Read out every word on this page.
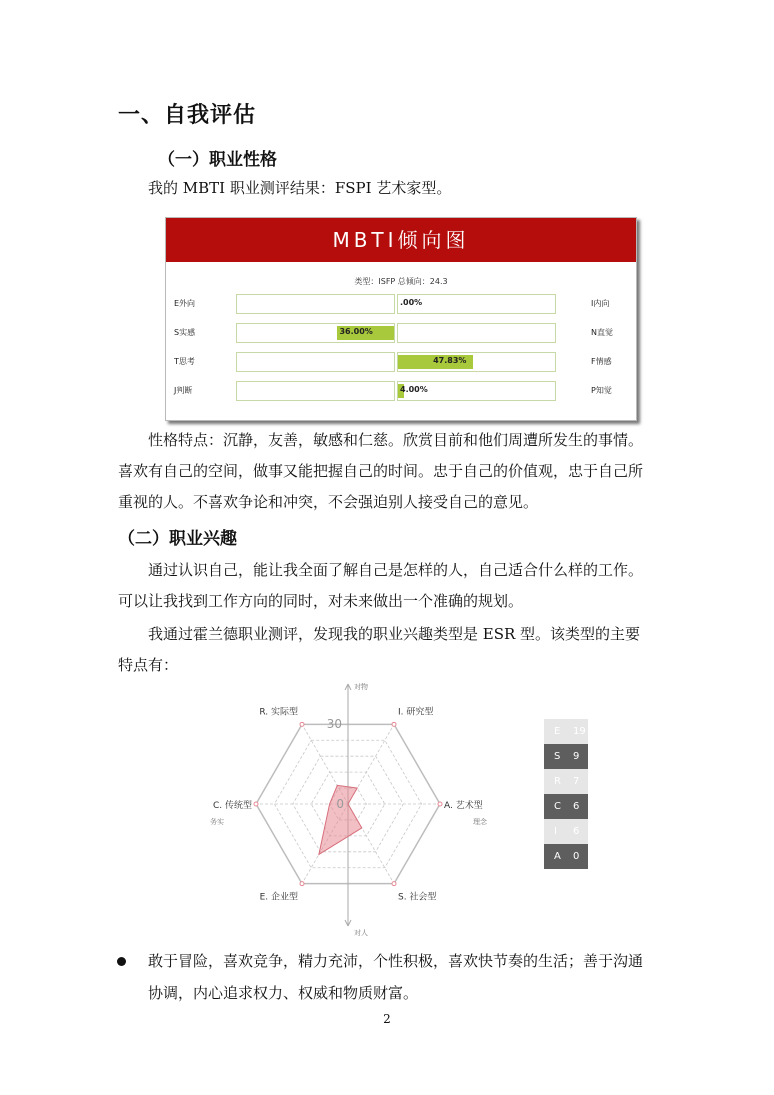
一、自我评估
（一）职业性格
我的 MBTI 职业测评结果：FSPI 艺术家型。
MBTI倾向图
类型：ISFP 总倾向：24.3
E外向	I内向
.00%
S实感	N直觉
36.00%
T思考	F情感
47.83%
J判断	P知觉
4.00%
性格特点：沉静，友善，敏感和仁慈。欣赏目前和他们周遭所发生的事情。
喜欢有自己的空间，做事又能把握自己的时间。忠于自己的价值观，忠于自己所
重视的人。不喜欢争论和冲突，不会强迫别人接受自己的意见。
（二）职业兴趣
通过认识自己，能让我全面了解自己是怎样的人，自己适合什么样的工作。
可以让我找到工作方向的同时，对未来做出一个准确的规划。
我通过霍兰德职业测评，发现我的职业兴趣类型是 ESR 型。该类型的主要
特点有：
R. 实际型	I. 研究型
A. 艺术型
S. 社会型
E. 企业型
C. 传统型
30
0
对物
对人
务实	理念
E 19
S 9
R 7
C 6
I 6
A 0
敢于冒险，喜欢竞争，精力充沛，个性积极，喜欢快节奏的生活；善于沟通
协调，内心追求权力、权威和物质财富。
2
